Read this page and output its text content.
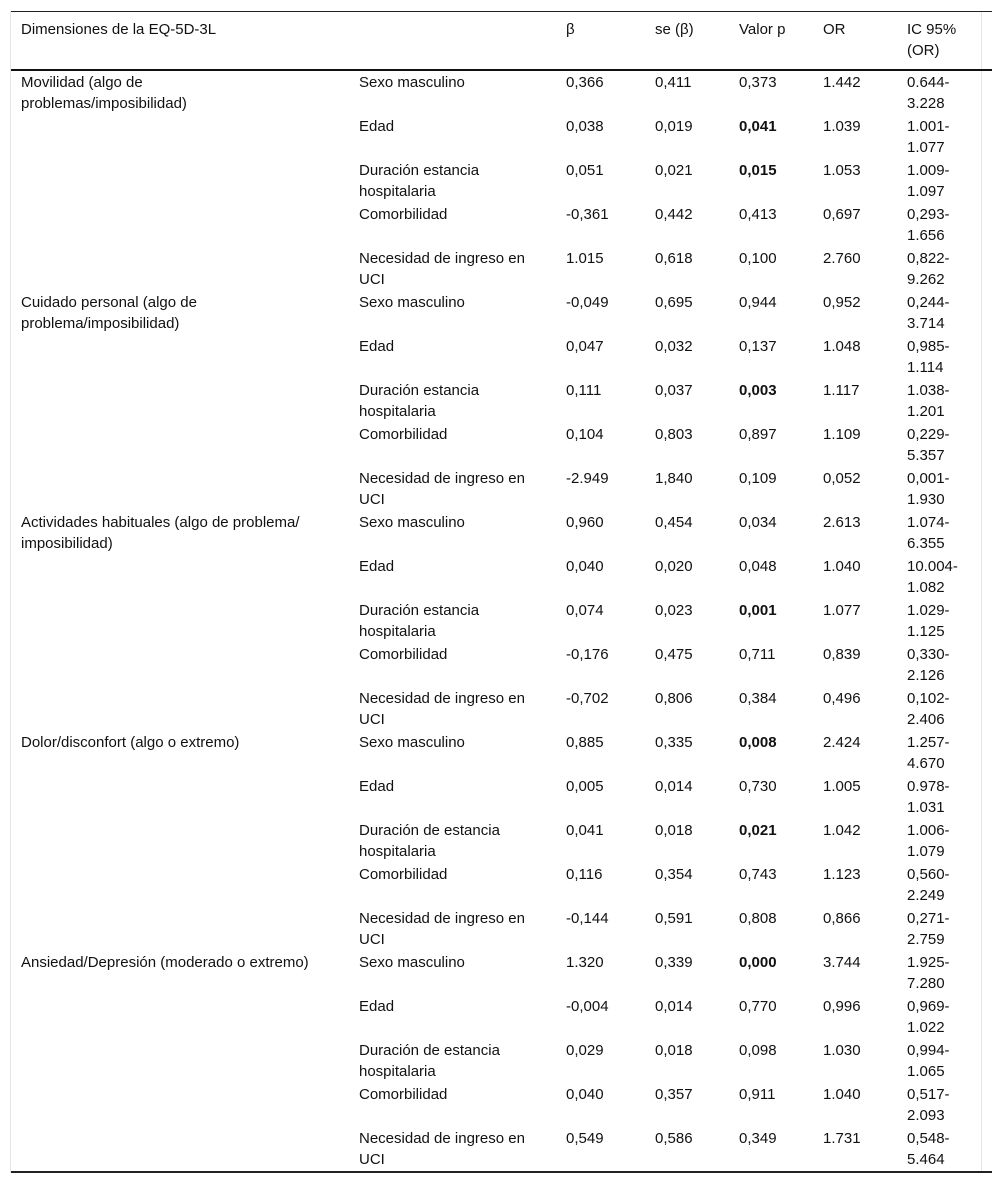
Dimensiones de la EQ-5D-3L		β	se (β)	Valor p	OR	IC 95% (OR)

Movilidad (algo de problemas/imposibilidad)	Sexo masculino	0,366	0,411	0,373	1.442	0.644-3.228

	Edad	0,038	0,019	0,041	1.039	1.001-1.077

	Duración estancia hospitalaria	0,051	0,021	0,015	1.053	1.009-1.097

	Comorbilidad	-0,361	0,442	0,413	0,697	0,293-1.656

	Necesidad de ingreso en UCI	1.015	0,618	0,100	2.760	0,822-9.262

Cuidado personal (algo de problema/imposibilidad)	Sexo masculino	-0,049	0,695	0,944	0,952	0,244-3.714

	Edad	0,047	0,032	0,137	1.048	0,985-1.114

	Duración estancia hospitalaria	0,111	0,037	0,003	1.117	1.038-1.201

	Comorbilidad	0,104	0,803	0,897	1.109	0,229-5.357

	Necesidad de ingreso en UCI	-2.949	1,840	0,109	0,052	0,001-1.930

Actividades habituales (algo de problema/ imposibilidad)	Sexo masculino	0,960	0,454	0,034	2.613	1.074-6.355

	Edad	0,040	0,020	0,048	1.040	10.004-1.082

	Duración estancia hospitalaria	0,074	0,023	0,001	1.077	1.029-1.125

	Comorbilidad	-0,176	0,475	0,711	0,839	0,330-2.126

	Necesidad de ingreso en UCI	-0,702	0,806	0,384	0,496	0,102-2.406

Dolor/disconfort (algo o extremo)	Sexo masculino	0,885	0,335	0,008	2.424	1.257-4.670

	Edad	0,005	0,014	0,730	1.005	0.978-1.031

	Duración de estancia hospitalaria	0,041	0,018	0,021	1.042	1.006-1.079

	Comorbilidad	0,116	0,354	0,743	1.123	0,560-2.249

	Necesidad de ingreso en UCI	-0,144	0,591	0,808	0,866	0,271-2.759

Ansiedad/Depresión (moderado o extremo)	Sexo masculino	1.320	0,339	0,000	3.744	1.925-7.280

	Edad	-0,004	0,014	0,770	0,996	0,969-1.022

	Duración de estancia hospitalaria	0,029	0,018	0,098	1.030	0,994-1.065

	Comorbilidad	0,040	0,357	0,911	1.040	0,517-2.093

	Necesidad de ingreso en UCI	0,549	0,586	0,349	1.731	0,548-5.464
